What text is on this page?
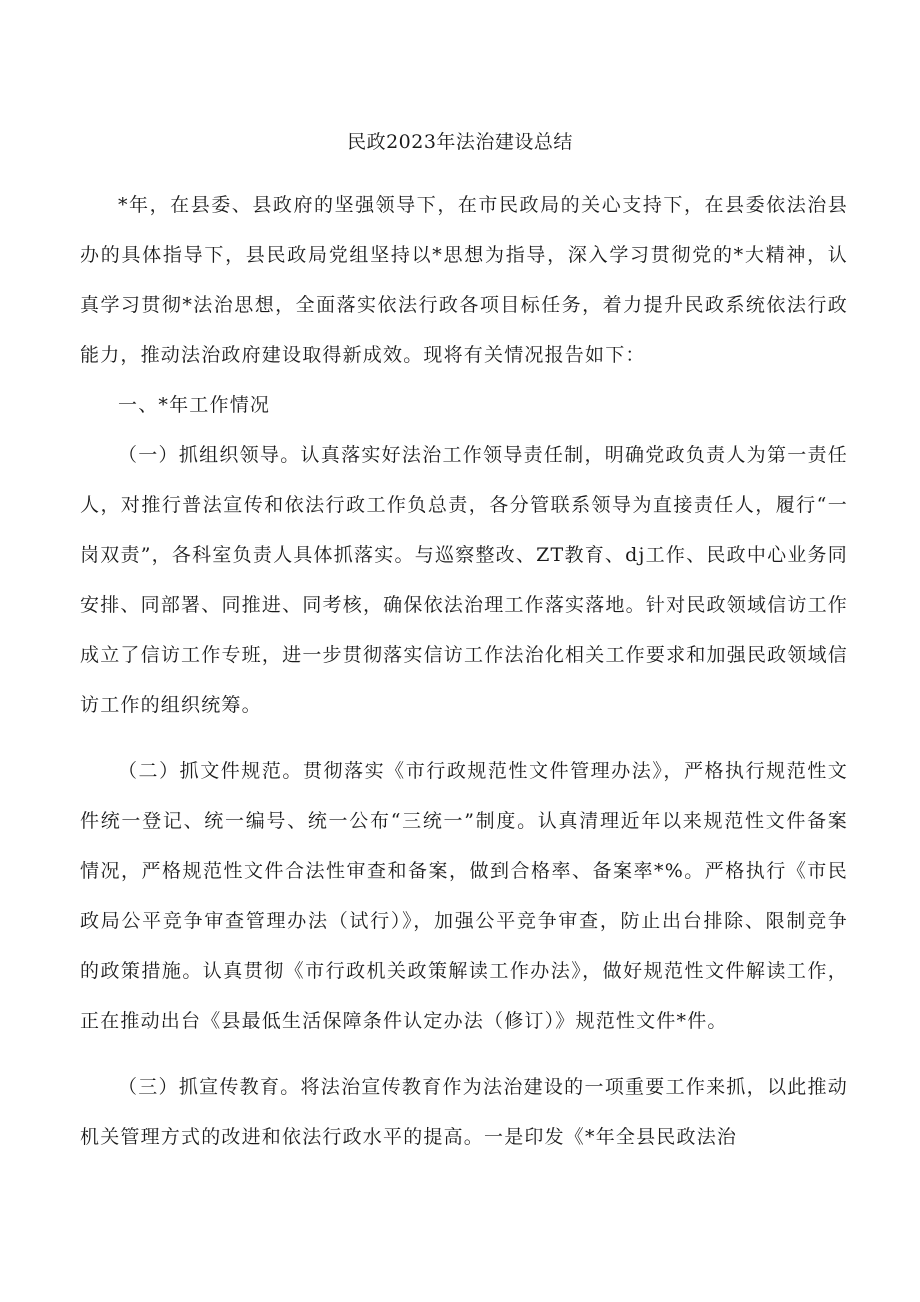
民政2023年法治建设总结

*年，在县委、县政府的坚强领导下，在市民政局的关心支持下，在县委依法治县办的具体指导下，县民政局党组坚持以*思想为指导，深入学习贯彻党的*大精神，认真学习贯彻*法治思想，全面落实依法行政各项目标任务，着力提升民政系统依法行政能力，推动法治政府建设取得新成效。现将有关情况报告如下：

一、*年工作情况

（一）抓组织领导。认真落实好法治工作领导责任制，明确党政负责人为第一责任人，对推行普法宣传和依法行政工作负总责，各分管联系领导为直接责任人，履行“一岗双责”，各科室负责人具体抓落实。与巡察整改、ZT教育、dj工作、民政中心业务同安排、同部署、同推进、同考核，确保依法治理工作落实落地。针对民政领域信访工作成立了信访工作专班，进一步贯彻落实信访工作法治化相关工作要求和加强民政领域信访工作的组织统筹。

（二）抓文件规范。贯彻落实《市行政规范性文件管理办法》，严格执行规范性文件统一登记、统一编号、统一公布“三统一”制度。认真清理近年以来规范性文件备案情况，严格规范性文件合法性审查和备案，做到合格率、备案率*%。严格执行《市民政局公平竞争审查管理办法（试行）》，加强公平竞争审查，防止出台排除、限制竞争的政策措施。认真贯彻《市行政机关政策解读工作办法》，做好规范性文件解读工作，正在推动出台《县最低生活保障条件认定办法（修订）》规范性文件*件。

（三）抓宣传教育。将法治宣传教育作为法治建设的一项重要工作来抓，以此推动机关管理方式的改进和依法行政水平的提高。一是印发《*年全县民政法治
